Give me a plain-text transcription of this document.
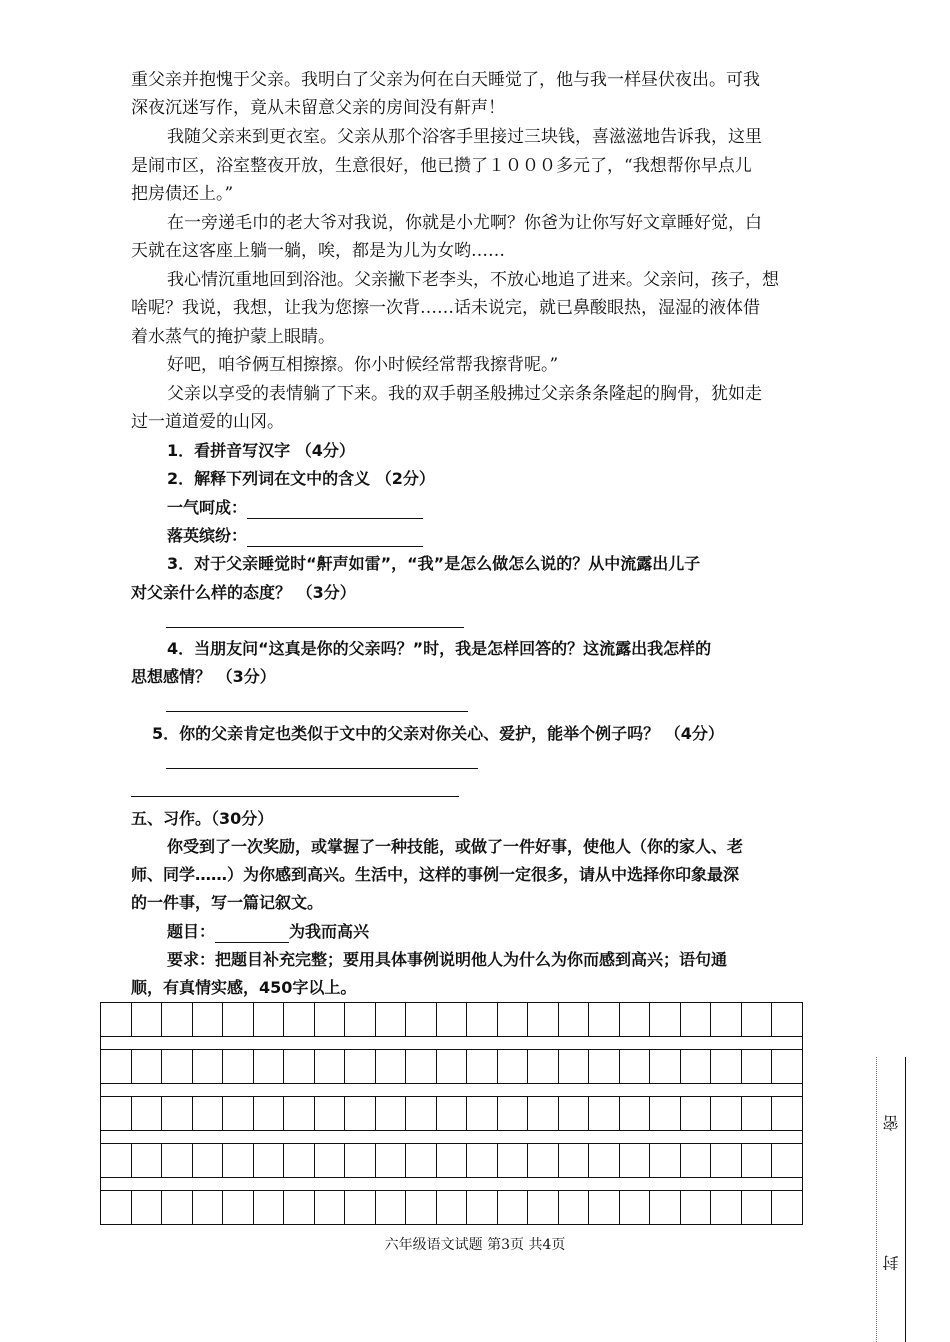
重父亲并抱愧于父亲。我明白了父亲为何在白天睡觉了，他与我一样昼伏夜出。可我
深夜沉迷写作，竟从未留意父亲的房间没有鼾声！
我随父亲来到更衣室。父亲从那个浴客手里接过三块钱，喜滋滋地告诉我，这里
是闹市区，浴室整夜开放，生意很好，他已攒了１０００多元了，“我想帮你早点儿
把房债还上。”
在一旁递毛巾的老大爷对我说，你就是小尤啊？你爸为让你写好文章睡好觉，白
天就在这客座上躺一躺，唉，都是为儿为女哟……
我心情沉重地回到浴池。父亲撇下老李头，不放心地追了进来。父亲问，孩子，想
啥呢？我说，我想，让我为您擦一次背……话未说完，就已鼻酸眼热，湿湿的液体借
着水蒸气的掩护蒙上眼睛。
好吧，咱爷俩互相擦擦。你小时候经常帮我擦背呢。”
父亲以享受的表情躺了下来。我的双手朝圣般拂过父亲条条隆起的胸骨，犹如走
过一道道爱的山冈。
1．看拼音写汉字 （4分）
2．解释下列词在文中的含义 （2分）
一气呵成：
落英缤纷：
3．对于父亲睡觉时“鼾声如雷”，“我”是怎么做怎么说的？从中流露出儿子
对父亲什么样的态度？ （3分）
4．当朋友问“这真是你的父亲吗？”时，我是怎样回答的？这流露出我怎样的
思想感情？ （3分）
5．你的父亲肯定也类似于文中的父亲对你关心、爱护，能举个例子吗？ （4分）
五、习作。（30分）
你受到了一次奖励，或掌握了一种技能，或做了一件好事，使他人（你的家人、老
师、同学……）为你感到高兴。生活中，这样的事例一定很多，请从中选择你印象最深
的一件事，写一篇记叙文。
题目：	为我而高兴
要求：把题目补充完整；要用具体事例说明他人为什么为你而感到高兴；语句通
顺，有真情实感，450字以上。
六年级语文试题 第3页 共4页
密
封
